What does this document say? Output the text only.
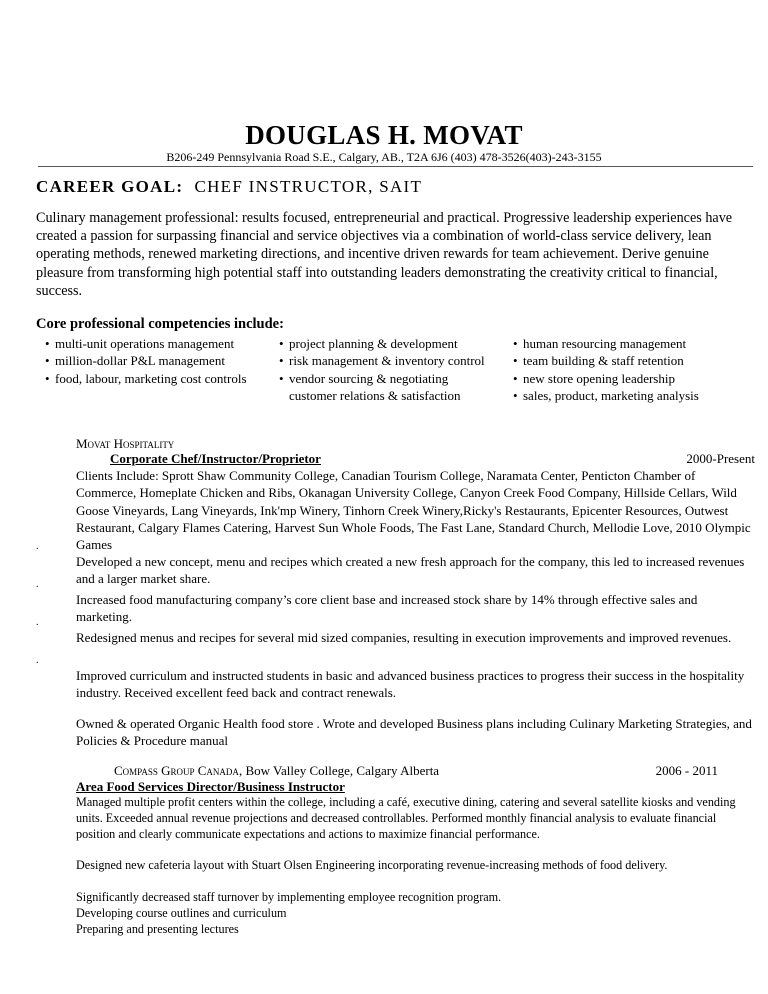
DOUGLAS H. MOVAT
B206-249 Pennsylvania Road S.E., Calgary, AB., T2A 6J6 (403) 478-3526(403)-243-3155
CAREER GOAL: CHEF INSTRUCTOR, SAIT
Culinary management professional: results focused, entrepreneurial and practical. Progressive leadership experiences have created a passion for surpassing financial and service objectives via a combination of world-class service delivery, lean operating methods, renewed marketing directions, and incentive driven rewards for team achievement. Derive genuine pleasure from transforming high potential staff into outstanding leaders demonstrating the creativity critical to financial, success.
Core professional competencies include:
• multi-unit operations management
• million-dollar P&L management
• food, labour, marketing cost controls
• project planning & development
• risk management & inventory control
• vendor sourcing & negotiating customer relations & satisfaction
• human resourcing management
• team building & staff retention
• new store opening leadership
• sales, product, marketing analysis
Movat Hospitality
Corporate Chef/Instructor/Proprietor	2000-Present
Clients Include: Sprott Shaw Community College, Canadian Tourism College, Naramata Center, Penticton Chamber of Commerce, Homeplate Chicken and Ribs, Okanagan University College, Canyon Creek Food Company, Hillside Cellars, Wild Goose Vineyards, Lang Vineyards, Ink'mp Winery, Tinhorn Creek Winery,Ricky's Restaurants, Epicenter Resources, Outwest Restaurant, Calgary Flames Catering, Harvest Sun Whole Foods, The Fast Lane, Standard Church, Mellodie Love, 2010 Olympic Games
.
Developed a new concept, menu and recipes which created a new fresh approach for the company, this led to increased revenues and a larger market share.
.
Increased food manufacturing company’s core client base and increased stock share by 14% through effective sales and marketing.
.
Redesigned menus and recipes for several mid sized companies, resulting in execution improvements and improved revenues.
.
Improved curriculum and instructed students in basic and advanced business practices to progress their success in the hospitality industry. Received excellent feed back and contract renewals.
Owned & operated Organic Health food store . Wrote and developed Business plans including Culinary Marketing Strategies, and Policies & Procedure manual
Compass Group Canada, Bow Valley College, Calgary Alberta	2006 - 2011
Area Food Services Director/Business Instructor
Managed multiple profit centers within the college, including a café, executive dining, catering and several satellite kiosks and vending units. Exceeded annual revenue projections and decreased controllables. Performed monthly financial analysis to evaluate financial position and clearly communicate expectations and actions to maximize financial performance.
Designed new cafeteria layout with Stuart Olsen Engineering incorporating revenue-increasing methods of food delivery.
Significantly decreased staff turnover by implementing employee recognition program.
Developing course outlines and curriculum
Preparing and presenting lectures
